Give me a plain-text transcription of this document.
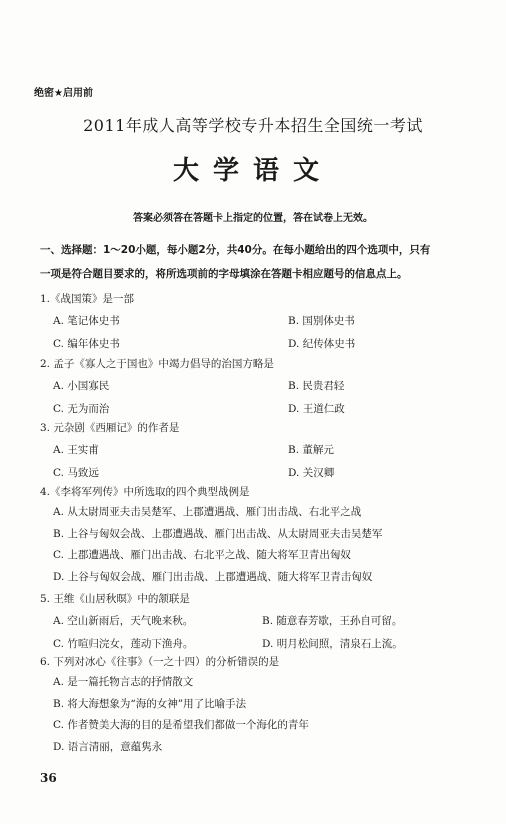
绝密★启用前
2011年成人高等学校专升本招生全国统一考试
大学语文
答案必须答在答题卡上指定的位置，答在试卷上无效。
一、选择题：1～20小题，每小题2分，共40分。在每小题给出的四个选项中，只有
一项是符合题目要求的，将所选项前的字母填涂在答题卡相应题号的信息点上。
1.《战国策》是一部
A. 笔记体史书	B. 国别体史书
C. 编年体史书	D. 纪传体史书
2. 孟子《寡人之于国也》中竭力倡导的治国方略是
A. 小国寡民	B. 民贵君轻
C. 无为而治	D. 王道仁政
3. 元杂剧《西厢记》的作者是
A. 王实甫	B. 董解元
C. 马致远	D. 关汉卿
4.《李将军列传》中所选取的四个典型战例是
A. 从太尉周亚夫击吴楚军、上郡遭遇战、雁门出击战、右北平之战
B. 上谷与匈奴会战、上郡遭遇战、雁门出击战、从太尉周亚夫击吴楚军
C. 上郡遭遇战、雁门出击战、右北平之战、随大将军卫青出匈奴
D. 上谷与匈奴会战、雁门出击战、上郡遭遇战、随大将军卫青击匈奴
5. 王维《山居秋暝》中的颔联是
A. 空山新雨后，天气晚来秋。	B. 随意春芳歇，王孙自可留。
C. 竹喧归浣女，莲动下渔舟。	D. 明月松间照，清泉石上流。
6. 下列对冰心《往事》（一之十四）的分析错误的是
A. 是一篇托物言志的抒情散文
B. 将大海想象为“海的女神”用了比喻手法
C. 作者赞美大海的目的是希望我们都做一个海化的青年
D. 语言清丽，意蕴隽永
36
